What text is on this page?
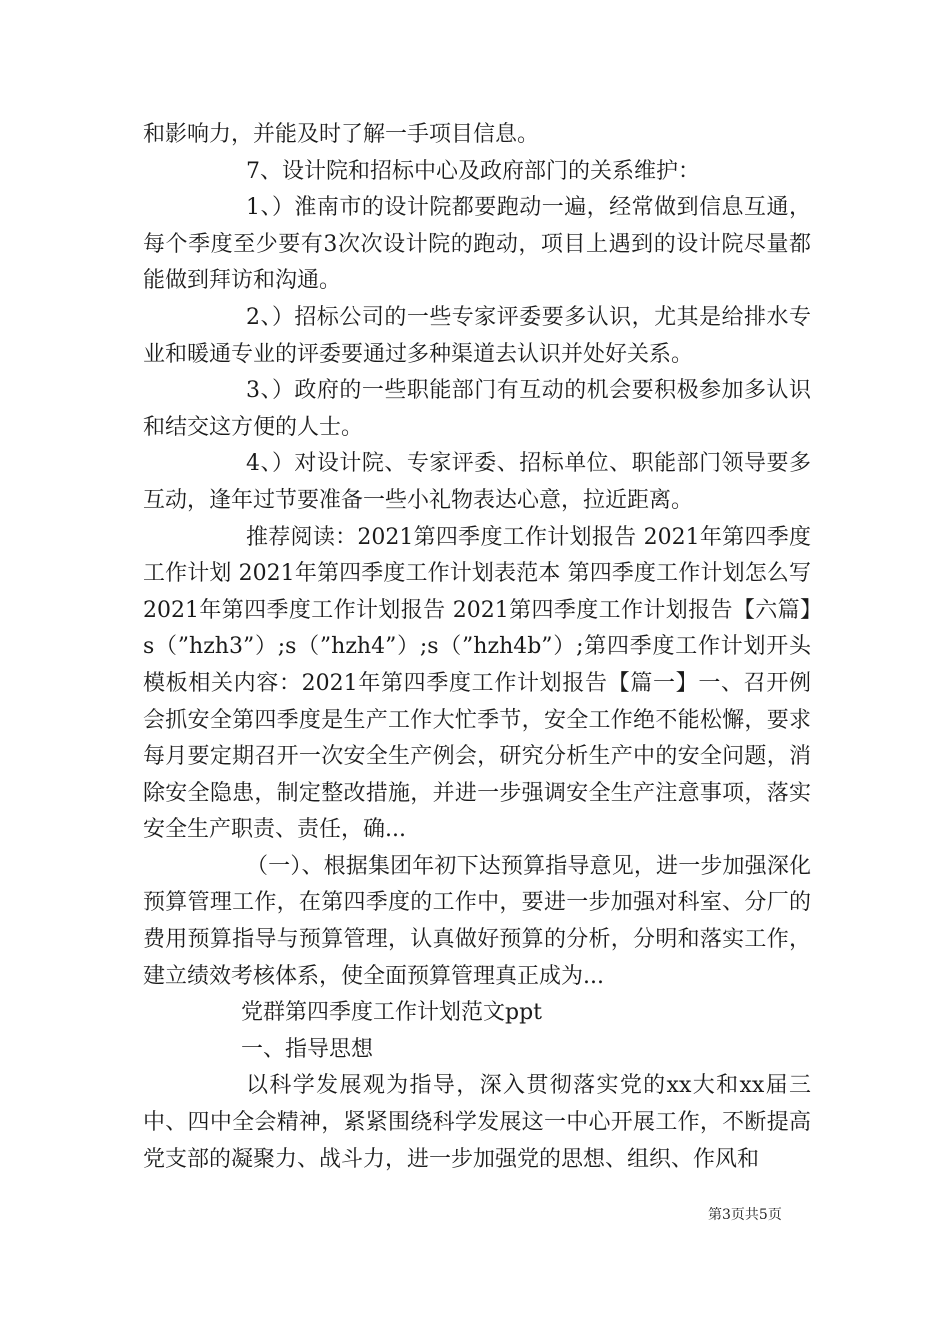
和影响力，并能及时了解一手项目信息。

7、设计院和招标中心及政府部门的关系维护：

1、）淮南市的设计院都要跑动一遍，经常做到信息互通，每个季度至少要有3次次设计院的跑动，项目上遇到的设计院尽量都能做到拜访和沟通。

2、）招标公司的一些专家评委要多认识，尤其是给排水专业和暖通专业的评委要通过多种渠道去认识并处好关系。

3、）政府的一些职能部门有互动的机会要积极参加多认识和结交这方便的人士。

4、）对设计院、专家评委、招标单位、职能部门领导要多互动，逢年过节要准备一些小礼物表达心意，拉近距离。

推荐阅读：2021第四季度工作计划报告 2021年第四季度工作计划 2021年第四季度工作计划表范本 第四季度工作计划怎么写 2021年第四季度工作计划报告 2021第四季度工作计划报告【六篇】s（”hzh3”）;s（”hzh4”）;s（”hzh4b”）;第四季度工作计划开头模板相关内容：2021年第四季度工作计划报告【篇一】一、召开例会抓安全第四季度是生产工作大忙季节，安全工作绝不能松懈，要求每月要定期召开一次安全生产例会，研究分析生产中的安全问题，消除安全隐患，制定整改措施，并进一步强调安全生产注意事项，落实安全生产职责、责任，确...

（一）、根据集团年初下达预算指导意见，进一步加强深化预算管理工作，在第四季度的工作中，要进一步加强对科室、分厂的费用预算指导与预算管理，认真做好预算的分析，分明和落实工作，建立绩效考核体系，使全面预算管理真正成为...

党群第四季度工作计划范文ppt

一、指导思想

以科学发展观为指导，深入贯彻落实党的xx大和xx届三中、四中全会精神，紧紧围绕科学发展这一中心开展工作，不断提高党支部的凝聚力、战斗力，进一步加强党的思想、组织、作风和

第3页共5页
